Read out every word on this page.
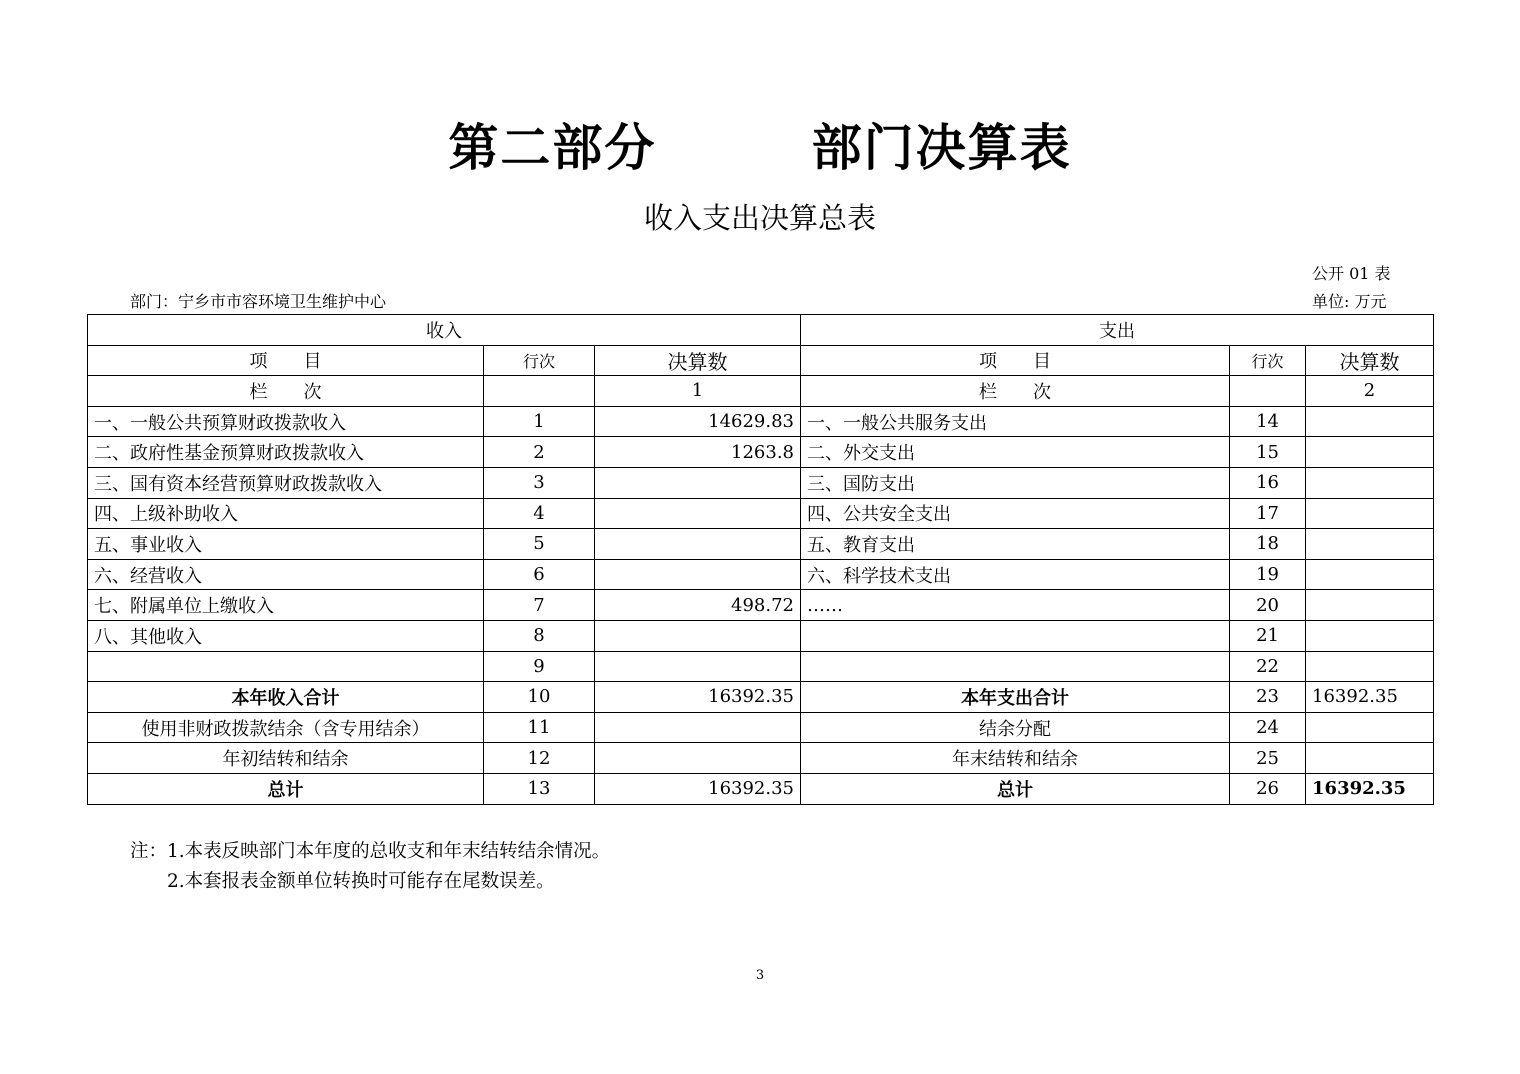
第二部分        部门决算表
收入支出决算总表
公开 01 表
部门：宁乡市市容环境卫生维护中心	单位: 万元
收入			支出		
项　　目	行次	决算数	项　　目	行次	决算数
栏　　次		1	栏　　次		2
一、一般公共预算财政拨款收入	1	14629.83	一、一般公共服务支出	14	
二、政府性基金预算财政拨款收入	2	1263.8	二、外交支出	15	
三、国有资本经营预算财政拨款收入	3		三、国防支出	16	
四、上级补助收入	4		四、公共安全支出	17	
五、事业收入	5		五、教育支出	18	
六、经营收入	6		六、科学技术支出	19	
七、附属单位上缴收入	7	498.72	……	20	
八、其他收入	8			21	
	9			22	
本年收入合计	10	16392.35	本年支出合计	23	16392.35
使用非财政拨款结余（含专用结余）	11		结余分配	24	
年初结转和结余	12		年末结转和结余	25	
总计	13	16392.35	总计	26	16392.35
注：1.本表反映部门本年度的总收支和年末结转结余情况。
　　2.本套报表金额单位转换时可能存在尾数误差。
3
